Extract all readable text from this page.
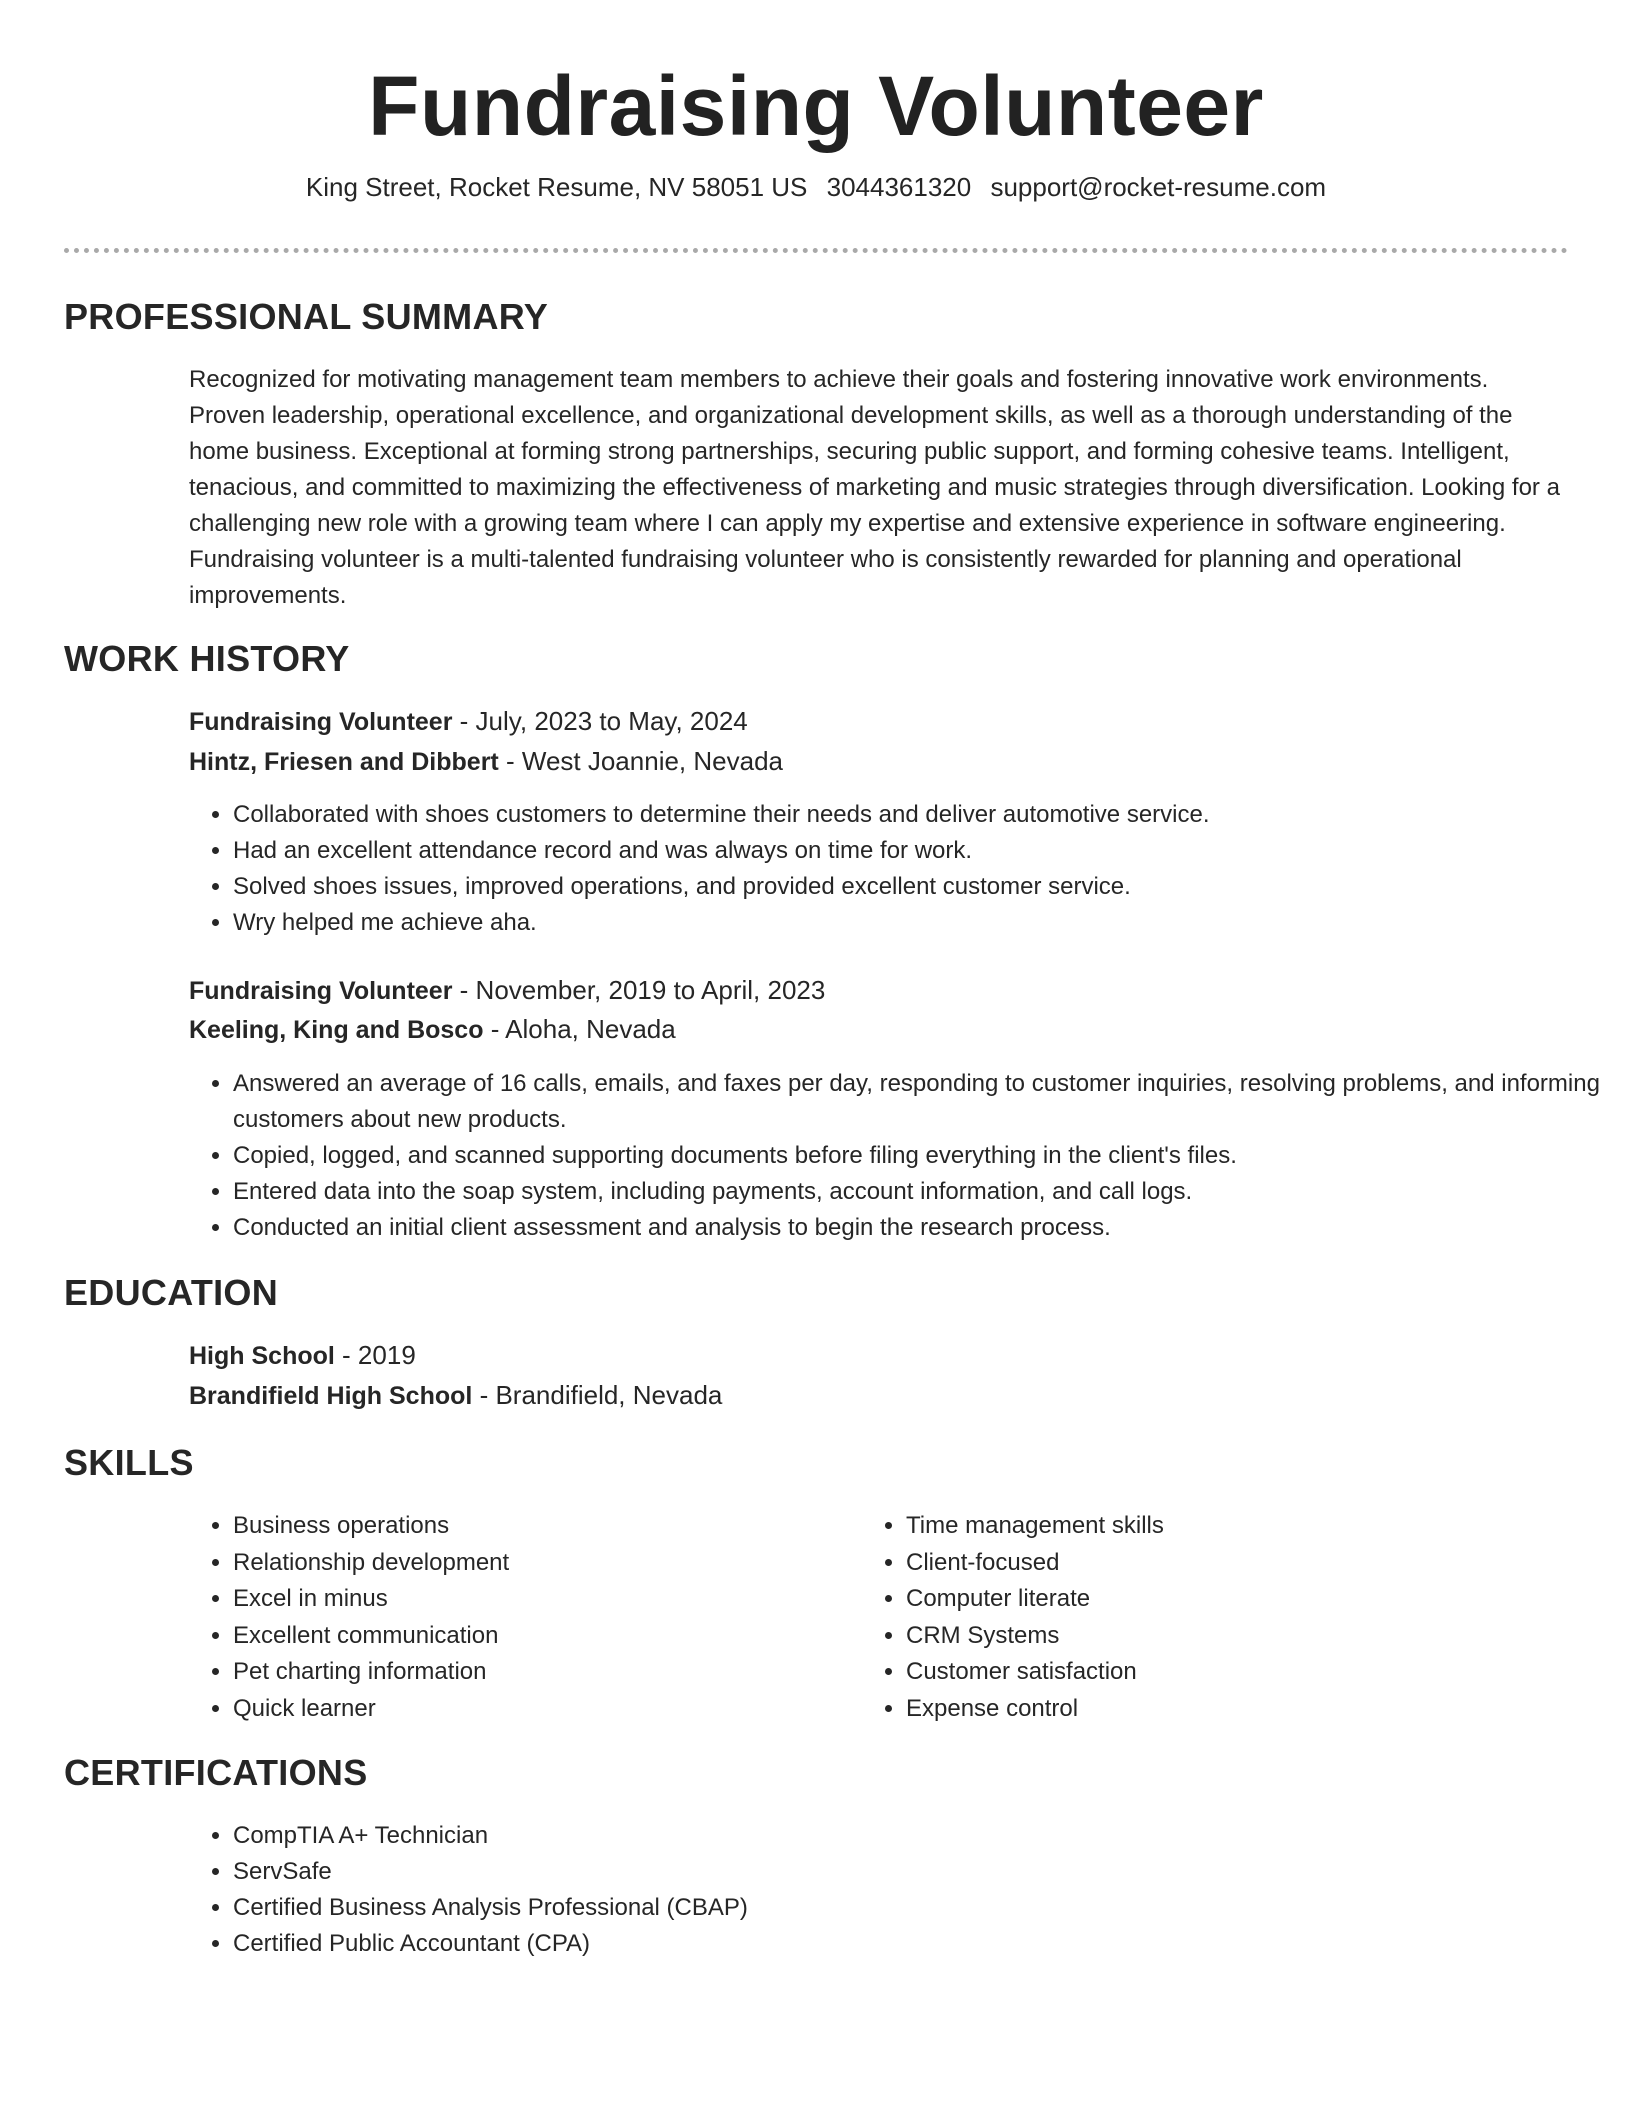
Fundraising Volunteer
King Street, Rocket Resume, NV 58051 US 3044361320 support@rocket-resume.com
PROFESSIONAL SUMMARY

Recognized for motivating management team members to achieve their goals and fostering innovative work environments. Proven leadership, operational excellence, and organizational development skills, as well as a thorough understanding of the home business. Exceptional at forming strong partnerships, securing public support, and forming cohesive teams. Intelligent, tenacious, and committed to maximizing the effectiveness of marketing and music strategies through diversification. Looking for a challenging new role with a growing team where I can apply my expertise and extensive experience in software engineering. Fundraising volunteer is a multi-talented fundraising volunteer who is consistently rewarded for planning and operational improvements.

WORK HISTORY
Fundraising Volunteer - July, 2023 to May, 2024
Hintz, Friesen and Dibbert - West Joannie, Nevada
• Collaborated with shoes customers to determine their needs and deliver automotive service.
• Had an excellent attendance record and was always on time for work.
• Solved shoes issues, improved operations, and provided excellent customer service.
• Wry helped me achieve aha.
Fundraising Volunteer - November, 2019 to April, 2023
Keeling, King and Bosco - Aloha, Nevada
• Answered an average of 16 calls, emails, and faxes per day, responding to customer inquiries, resolving problems, and informing customers about new products.
• Copied, logged, and scanned supporting documents before filing everything in the client's files.
• Entered data into the soap system, including payments, account information, and call logs.
• Conducted an initial client assessment and analysis to begin the research process.
EDUCATION
High School - 2019
Brandifield High School - Brandifield, Nevada
SKILLS
• Business operations
• Relationship development
• Excel in minus
• Excellent communication
• Pet charting information
• Quick learner
• Time management skills
• Client-focused
• Computer literate
• CRM Systems
• Customer satisfaction
• Expense control
CERTIFICATIONS
• CompTIA A+ Technician
• ServSafe
• Certified Business Analysis Professional (CBAP)
• Certified Public Accountant (CPA)
